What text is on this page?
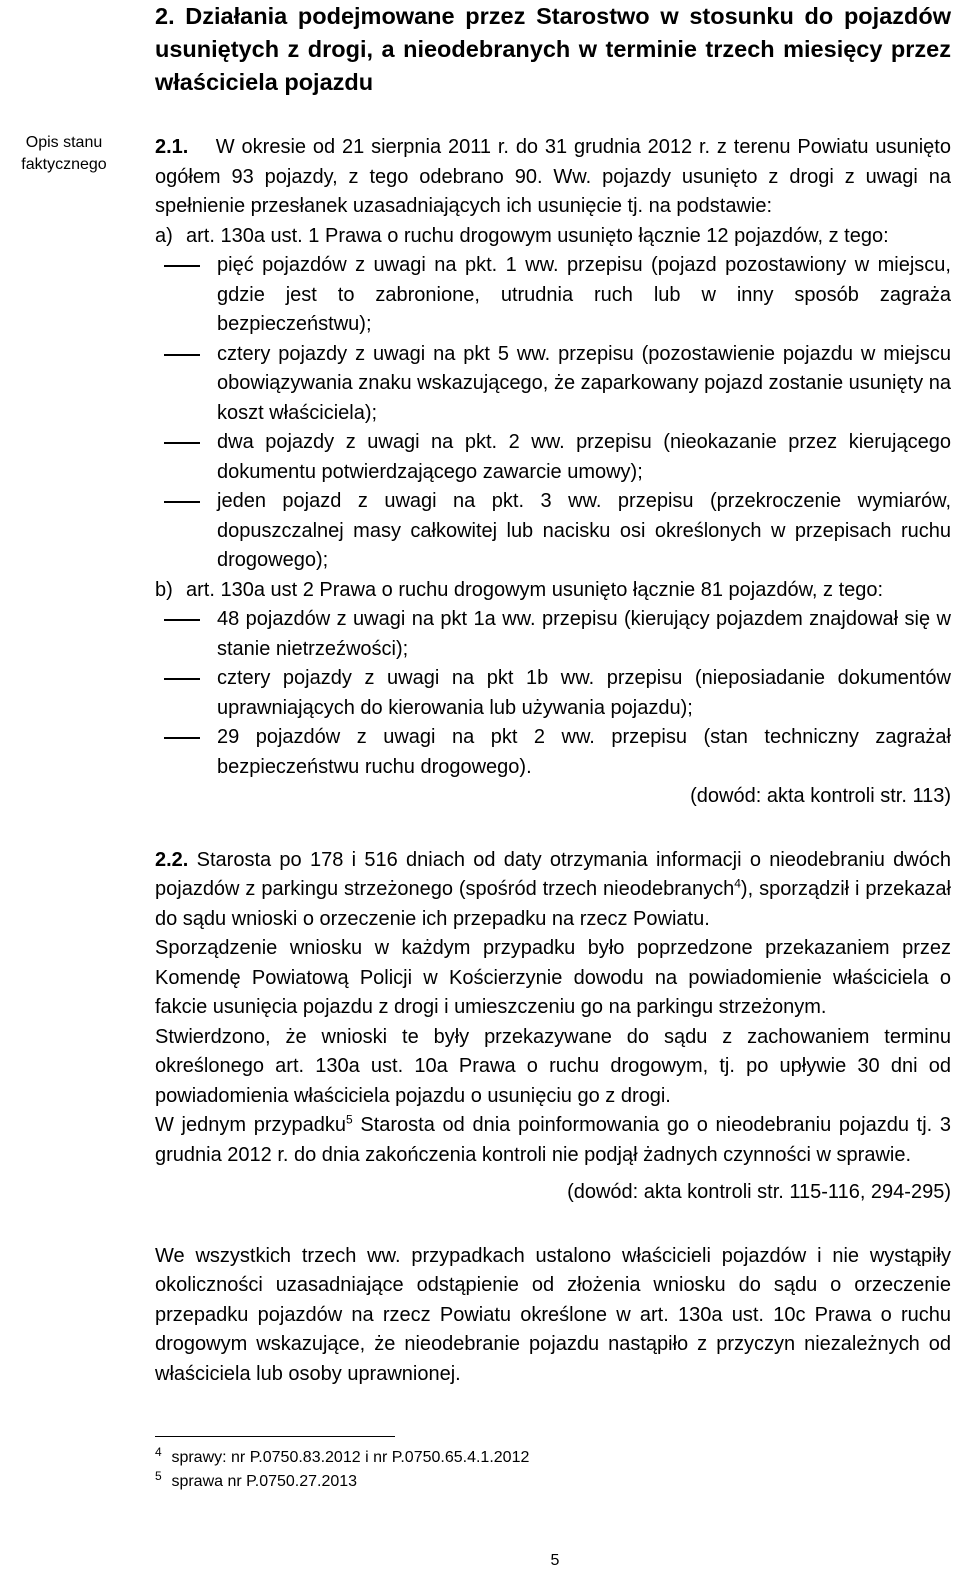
2. Działania podejmowane przez Starostwo w stosunku do pojazdów usuniętych z drogi, a nieodebranych w terminie trzech miesięcy przez właściciela pojazdu
Opis stanu faktycznego

2.1. W okresie od 21 sierpnia 2011 r. do 31 grudnia 2012 r. z terenu Powiatu usunięto ogółem 93 pojazdy, z tego odebrano 90. Ww. pojazdy usunięto z drogi z uwagi na spełnienie przesłanek uzasadniających ich usunięcie tj. na podstawie:

a) art. 130a ust. 1 Prawa o ruchu drogowym usunięto łącznie 12 pojazdów, z tego:

pięć pojazdów z uwagi na pkt. 1 ww. przepisu (pojazd pozostawiony w miejscu, gdzie jest to zabronione, utrudnia ruch lub w inny sposób zagraża bezpieczeństwu);

cztery pojazdy z uwagi na pkt 5 ww. przepisu (pozostawienie pojazdu w miejscu obowiązywania znaku wskazującego, że zaparkowany pojazd zostanie usunięty na koszt właściciela);

dwa pojazdy z uwagi na pkt. 2 ww. przepisu (nieokazanie przez kierującego dokumentu potwierdzającego zawarcie umowy);

jeden pojazd z uwagi na pkt. 3 ww. przepisu (przekroczenie wymiarów, dopuszczalnej masy całkowitej lub nacisku osi określonych w przepisach ruchu drogowego);

b) art. 130a ust 2 Prawa o ruchu drogowym usunięto łącznie 81 pojazdów, z tego:

48 pojazdów z uwagi na pkt 1a ww. przepisu (kierujący pojazdem znajdował się w stanie nietrzeźwości);

cztery pojazdy z uwagi na pkt 1b ww. przepisu (nieposiadanie dokumentów uprawniających do kierowania lub używania pojazdu);

29 pojazdów z uwagi na pkt 2 ww. przepisu (stan techniczny zagrażał bezpieczeństwu ruchu drogowego).

(dowód: akta kontroli str. 113)

2.2. Starosta po 178 i 516 dniach od daty otrzymania informacji o nieodebraniu dwóch pojazdów z parkingu strzeżonego (spośród trzech nieodebranych$^4$), sporządził i przekazał do sądu wnioski o orzeczenie ich przepadku na rzecz Powiatu.

Sporządzenie wniosku w każdym przypadku było poprzedzone przekazaniem przez Komendę Powiatową Policji w Kościerzynie dowodu na powiadomienie właściciela o fakcie usunięcia pojazdu z drogi i umieszczeniu go na parkingu strzeżonym.

Stwierdzono, że wnioski te były przekazywane do sądu z zachowaniem terminu określonego art. 130a ust. 10a Prawa o ruchu drogowym, tj. po upływie 30 dni od powiadomienia właściciela pojazdu o usunięciu go z drogi.

W jednym przypadku$^5$ Starosta od dnia poinformowania go o nieodebraniu pojazdu tj. 3 grudnia 2012 r. do dnia zakończenia kontroli nie podjął żadnych czynności w sprawie.

(dowód: akta kontroli str. 115-116, 294-295)

We wszystkich trzech ww. przypadkach ustalono właścicieli pojazdów i nie wystąpiły okoliczności uzasadniające odstąpienie od złożenia wniosku do sądu o orzeczenie przepadku pojazdów na rzecz Powiatu określone w art. 130a ust. 10c Prawa o ruchu drogowym wskazujące, że nieodebranie pojazdu nastąpiło z przyczyn niezależnych od właściciela lub osoby uprawnionej.

4 sprawy: nr P.0750.83.2012 i nr P.0750.65.4.1.2012
5 sprawa nr P.0750.27.2013
5
